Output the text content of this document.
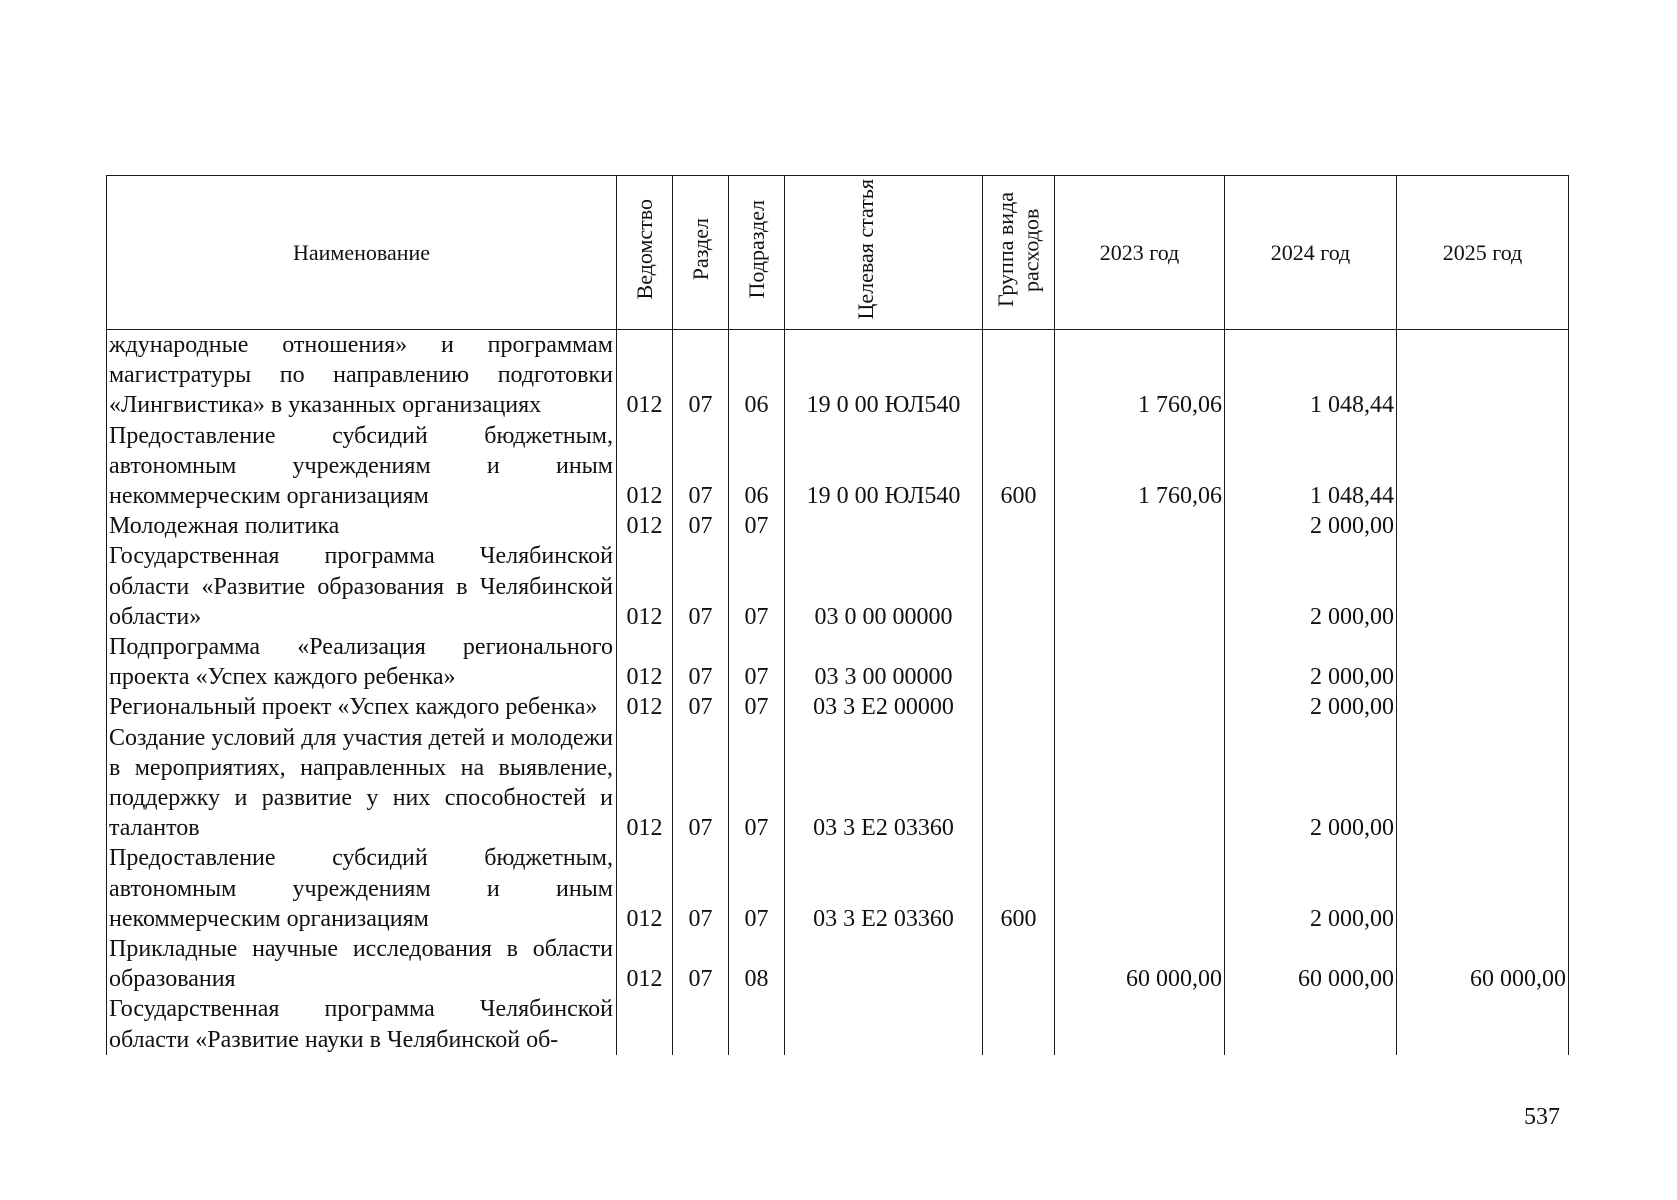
Наименование	Ведомство	Раздел	Подраздел	Целевая статья	Группа вида расходов	2023 год	2024 год	2025 год
ждународные отношения» и программам магистратуры по направлению подготовки «Лингвистика» в указанных организациях	012	07	06	19 0 00 ЮЛ540		1 760,06	1 048,44	
Предоставление субсидий бюджетным, автономным учреждениям и иным некоммерческим организациям	012	07	06	19 0 00 ЮЛ540	600	1 760,06	1 048,44	
Молодежная политика	012	07	07				2 000,00	
Государственная программа Челябинской области «Развитие образования в Челябинской области»	012	07	07	03 0 00 00000			2 000,00	
Подпрограмма «Реализация регионального проекта «Успех каждого ребенка»	012	07	07	03 3 00 00000			2 000,00	
Региональный проект «Успех каждого ребенка»	012	07	07	03 3 Е2 00000			2 000,00	
Создание условий для участия детей и молодежи в мероприятиях, направленных на выявление, поддержку и развитие у них способностей и талантов	012	07	07	03 3 Е2 03360			2 000,00	
Предоставление субсидий бюджетным, автономным учреждениям и иным некоммерческим организациям	012	07	07	03 3 Е2 03360	600		2 000,00	
Прикладные научные исследования в области образования	012	07	08			60 000,00	60 000,00	60 000,00
Государственная программа Челябинской области «Развитие науки в Челябинской об-								
537
